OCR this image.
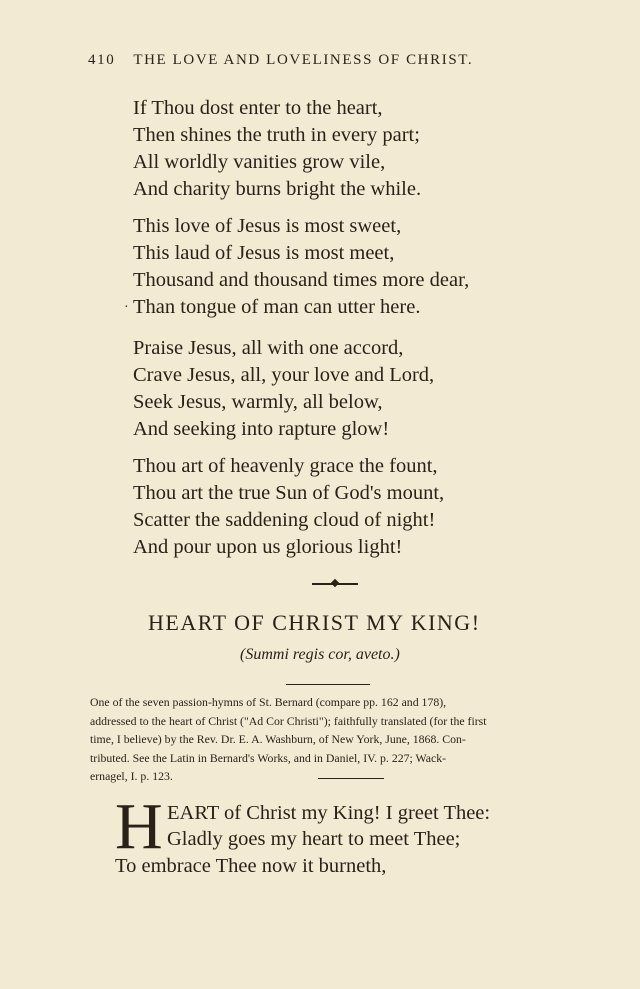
410 THE LOVE AND LOVELINESS OF CHRIST.
If Thou dost enter to the heart,
Then shines the truth in every part;
All worldly vanities grow vile,
And charity burns bright the while.
This love of Jesus is most sweet,
This laud of Jesus is most meet,
Thousand and thousand times more dear,
Than tongue of man can utter here.
·
Praise Jesus, all with one accord,
Crave Jesus, all, your love and Lord,
Seek Jesus, warmly, all below,
And seeking into rapture glow!
Thou art of heavenly grace the fount,
Thou art the true Sun of God's mount,
Scatter the saddening cloud of night!
And pour upon us glorious light!
HEART OF CHRIST MY KING!
(Summi regis cor, aveto.)
One of the seven passion-hymns of St. Bernard (compare pp. 162 and 178),
addressed to the heart of Christ ("Ad Cor Christi"); faithfully translated (for the first
time, I believe) by the Rev. Dr. E. A. Washburn, of New York, June, 1868. Con-
tributed. See the Latin in Bernard's Works, and in Daniel, IV. p. 227; Wack-
ernagel, I. p. 123.
H EART of Christ my King! I greet Thee:
Gladly goes my heart to meet Thee;
To embrace Thee now it burneth,
